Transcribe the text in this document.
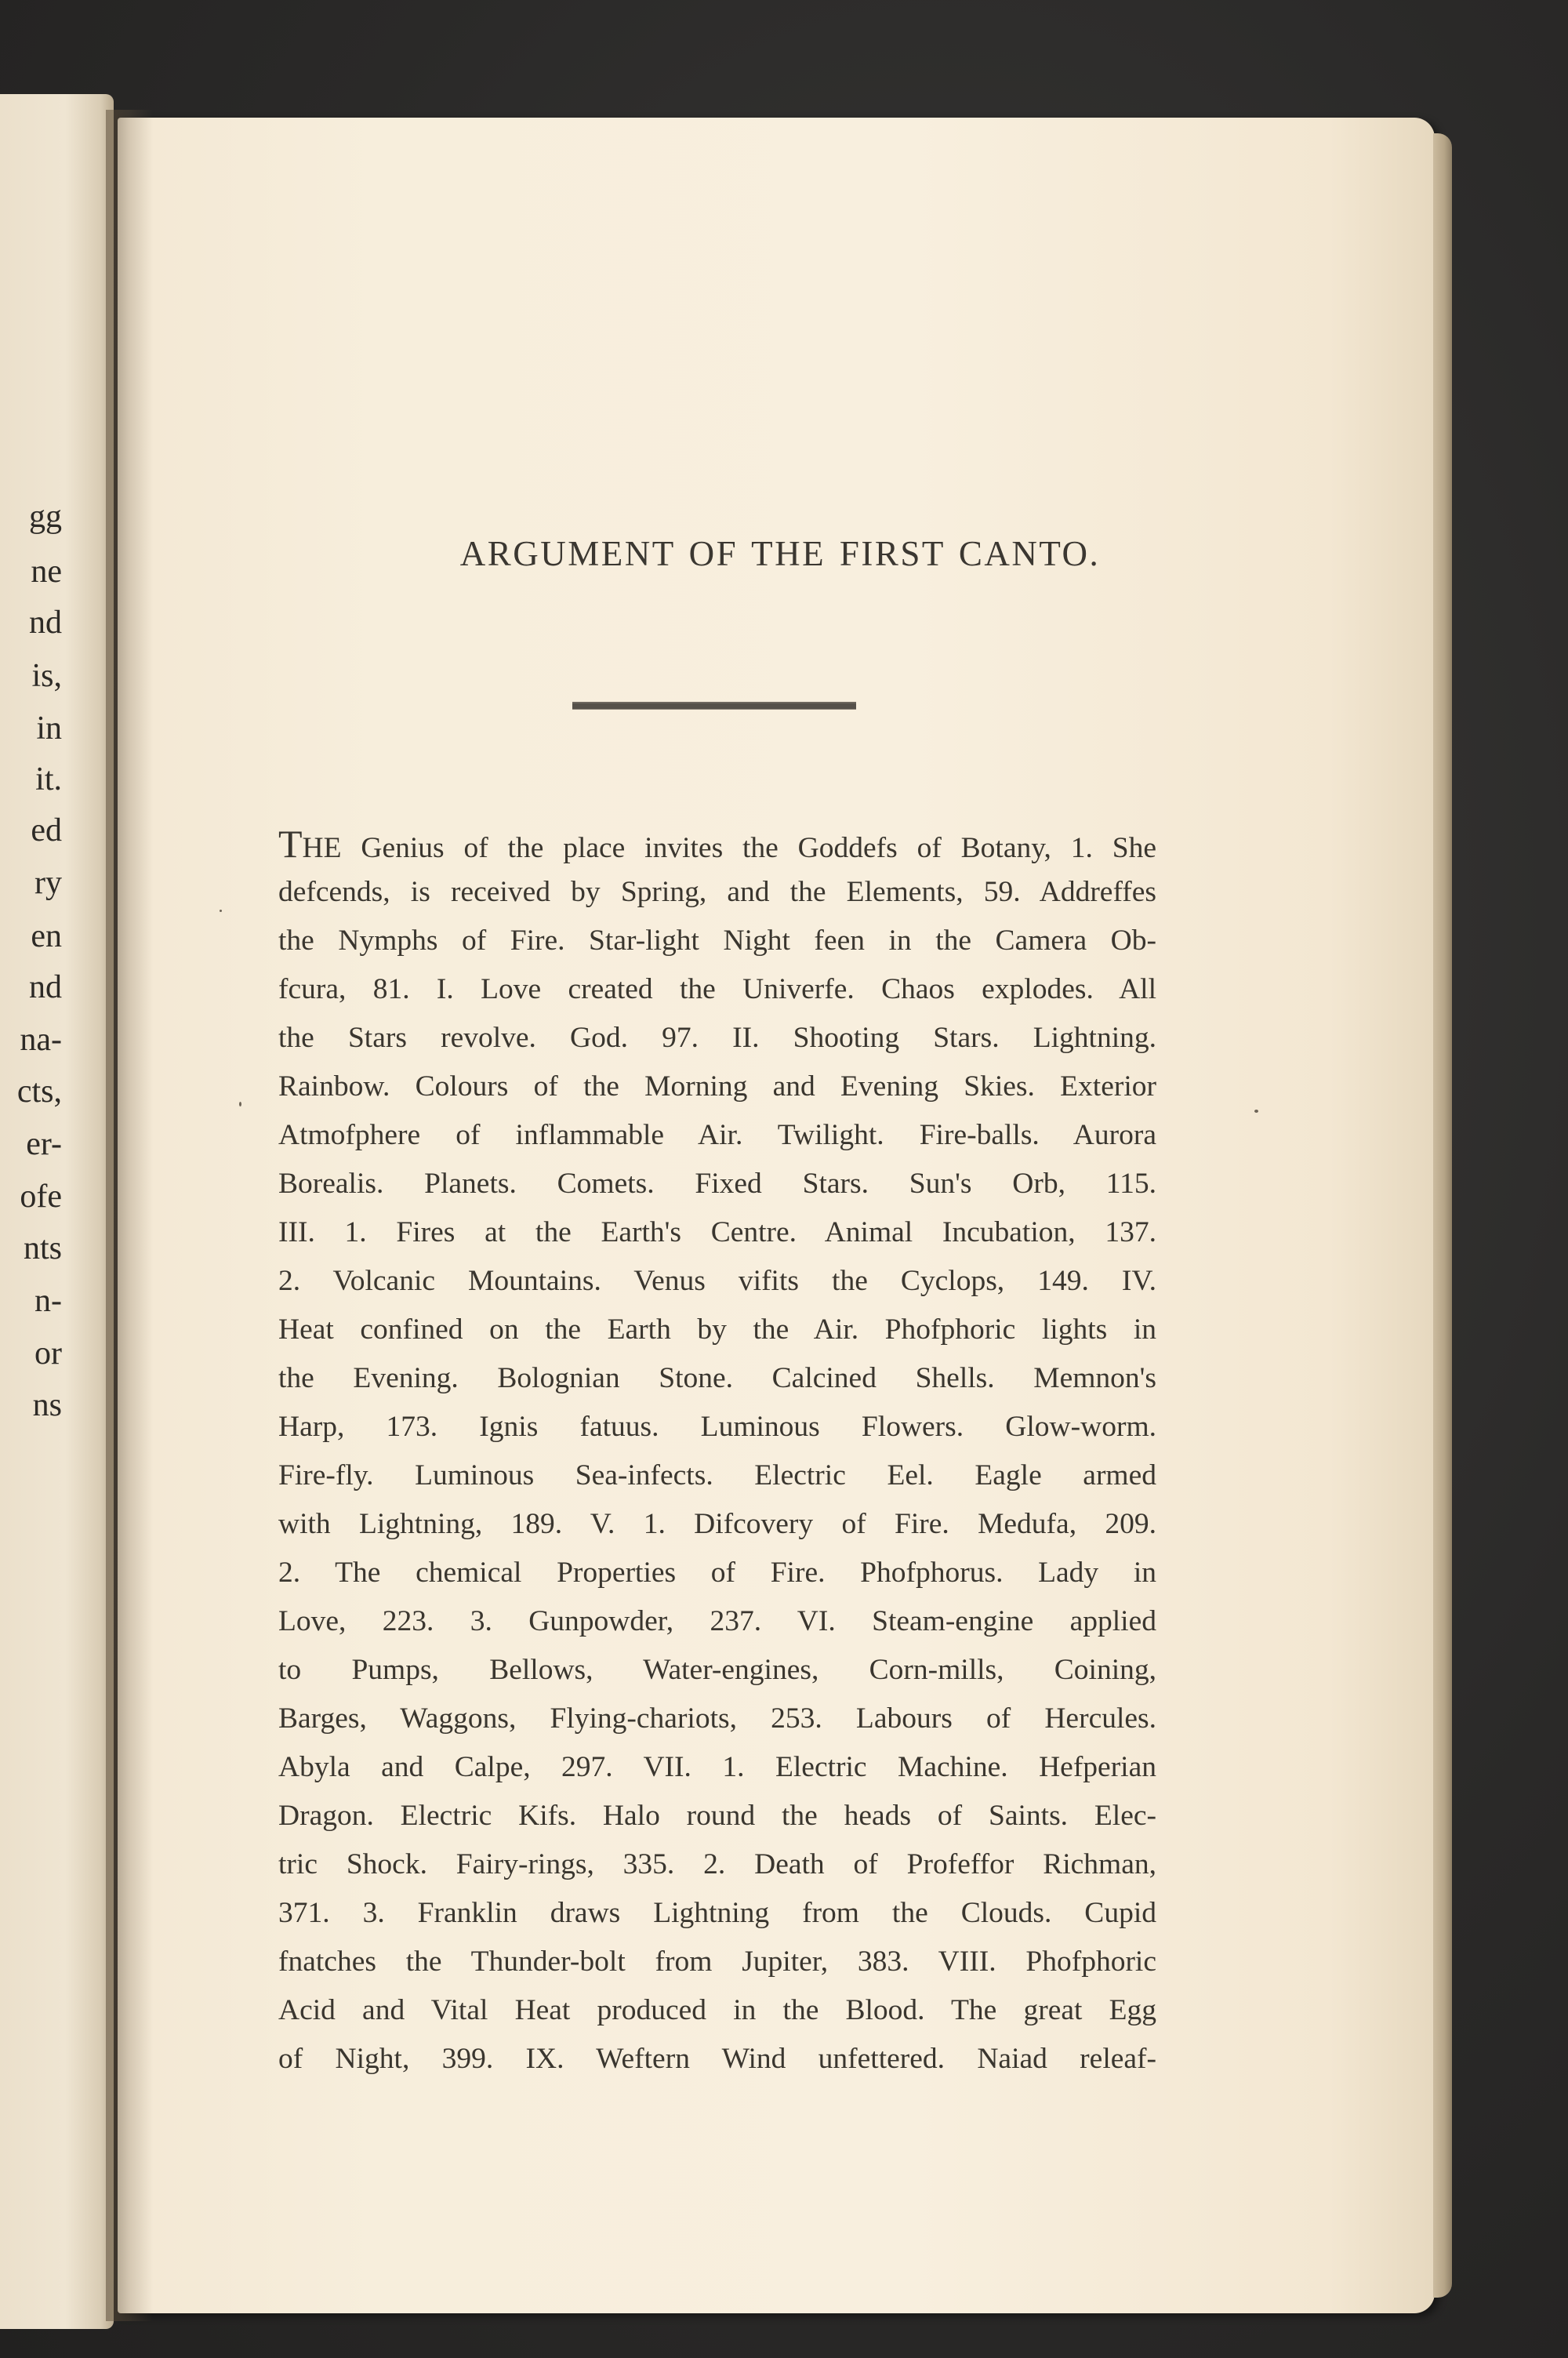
gg
ne
nd
is,
in
it.
ed
ry
en
nd
na-
cts,
er-
ofe
nts
n-
or
ns
ARGUMENT OF THE FIRST CANTO.
THE Genius of the place invites the Goddefs of Botany, 1. She
defcends, is received by Spring, and the Elements, 59. Addreffes
the Nymphs of Fire. Star-light Night feen in the Camera Ob-
fcura, 81. I. Love created the Univerfe. Chaos explodes. All
the Stars revolve. God. 97. II. Shooting Stars. Lightning.
Rainbow. Colours of the Morning and Evening Skies. Exterior
Atmofphere of inflammable Air. Twilight. Fire-balls. Aurora
Borealis. Planets. Comets. Fixed Stars. Sun's Orb, 115.
III. 1. Fires at the Earth's Centre. Animal Incubation, 137.
2. Volcanic Mountains. Venus vifits the Cyclops, 149. IV.
Heat confined on the Earth by the Air. Phofphoric lights in
the Evening. Bolognian Stone. Calcined Shells. Memnon's
Harp, 173. Ignis fatuus. Luminous Flowers. Glow-worm.
Fire-fly. Luminous Sea-infects. Electric Eel. Eagle armed
with Lightning, 189. V. 1. Difcovery of Fire. Medufa, 209.
2. The chemical Properties of Fire. Phofphorus. Lady in
Love, 223. 3. Gunpowder, 237. VI. Steam-engine applied
to Pumps, Bellows, Water-engines, Corn-mills, Coining,
Barges, Waggons, Flying-chariots, 253. Labours of Hercules.
Abyla and Calpe, 297. VII. 1. Electric Machine. Hefperian
Dragon. Electric Kifs. Halo round the heads of Saints. Elec-
tric Shock. Fairy-rings, 335. 2. Death of Profeffor Richman,
371. 3. Franklin draws Lightning from the Clouds. Cupid
fnatches the Thunder-bolt from Jupiter, 383. VIII. Phofphoric
Acid and Vital Heat produced in the Blood. The great Egg
of Night, 399. IX. Weftern Wind unfettered. Naiad releaf-
